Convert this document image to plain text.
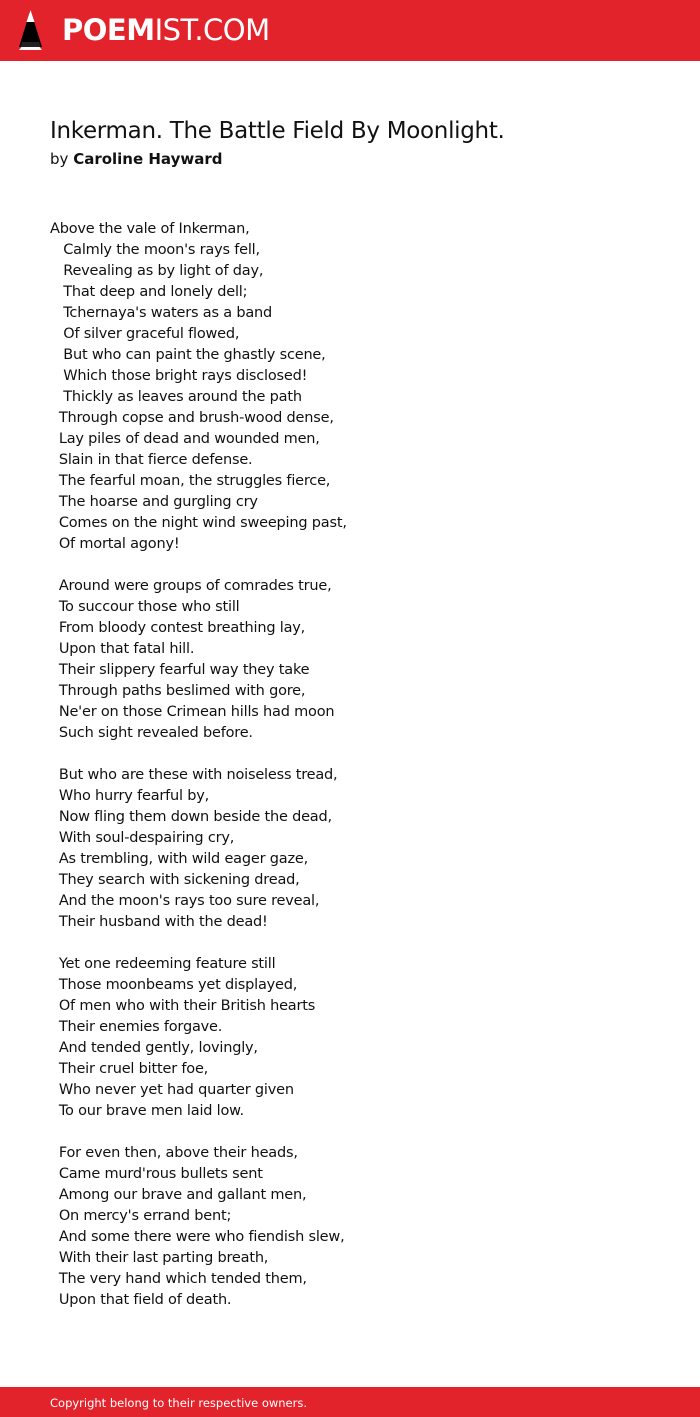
POEMIST.COM
Inkerman. The Battle Field By Moonlight.
by Caroline Hayward
Above the vale of Inkerman,
Calmly the moon's rays fell,
Revealing as by light of day,
That deep and lonely dell;
Tchernaya's waters as a band
Of silver graceful flowed,
But who can paint the ghastly scene,
Which those bright rays disclosed!
Thickly as leaves around the path
Through copse and brush-wood dense,
Lay piles of dead and wounded men,
Slain in that fierce defense.
The fearful moan, the struggles fierce,
The hoarse and gurgling cry
Comes on the night wind sweeping past,
Of mortal agony!

Around were groups of comrades true,
To succour those who still
From bloody contest breathing lay,
Upon that fatal hill.
Their slippery fearful way they take
Through paths beslimed with gore,
Ne'er on those Crimean hills had moon
Such sight revealed before.

But who are these with noiseless tread,
Who hurry fearful by,
Now fling them down beside the dead,
With soul-despairing cry,
As trembling, with wild eager gaze,
They search with sickening dread,
And the moon's rays too sure reveal,
Their husband with the dead!

Yet one redeeming feature still
Those moonbeams yet displayed,
Of men who with their British hearts
Their enemies forgave.
And tended gently, lovingly,
Their cruel bitter foe,
Who never yet had quarter given
To our brave men laid low.

For even then, above their heads,
Came murd'rous bullets sent
Among our brave and gallant men,
On mercy's errand bent;
And some there were who fiendish slew,
With their last parting breath,
The very hand which tended them,
Upon that field of death.
Copyright belong to their respective owners.
